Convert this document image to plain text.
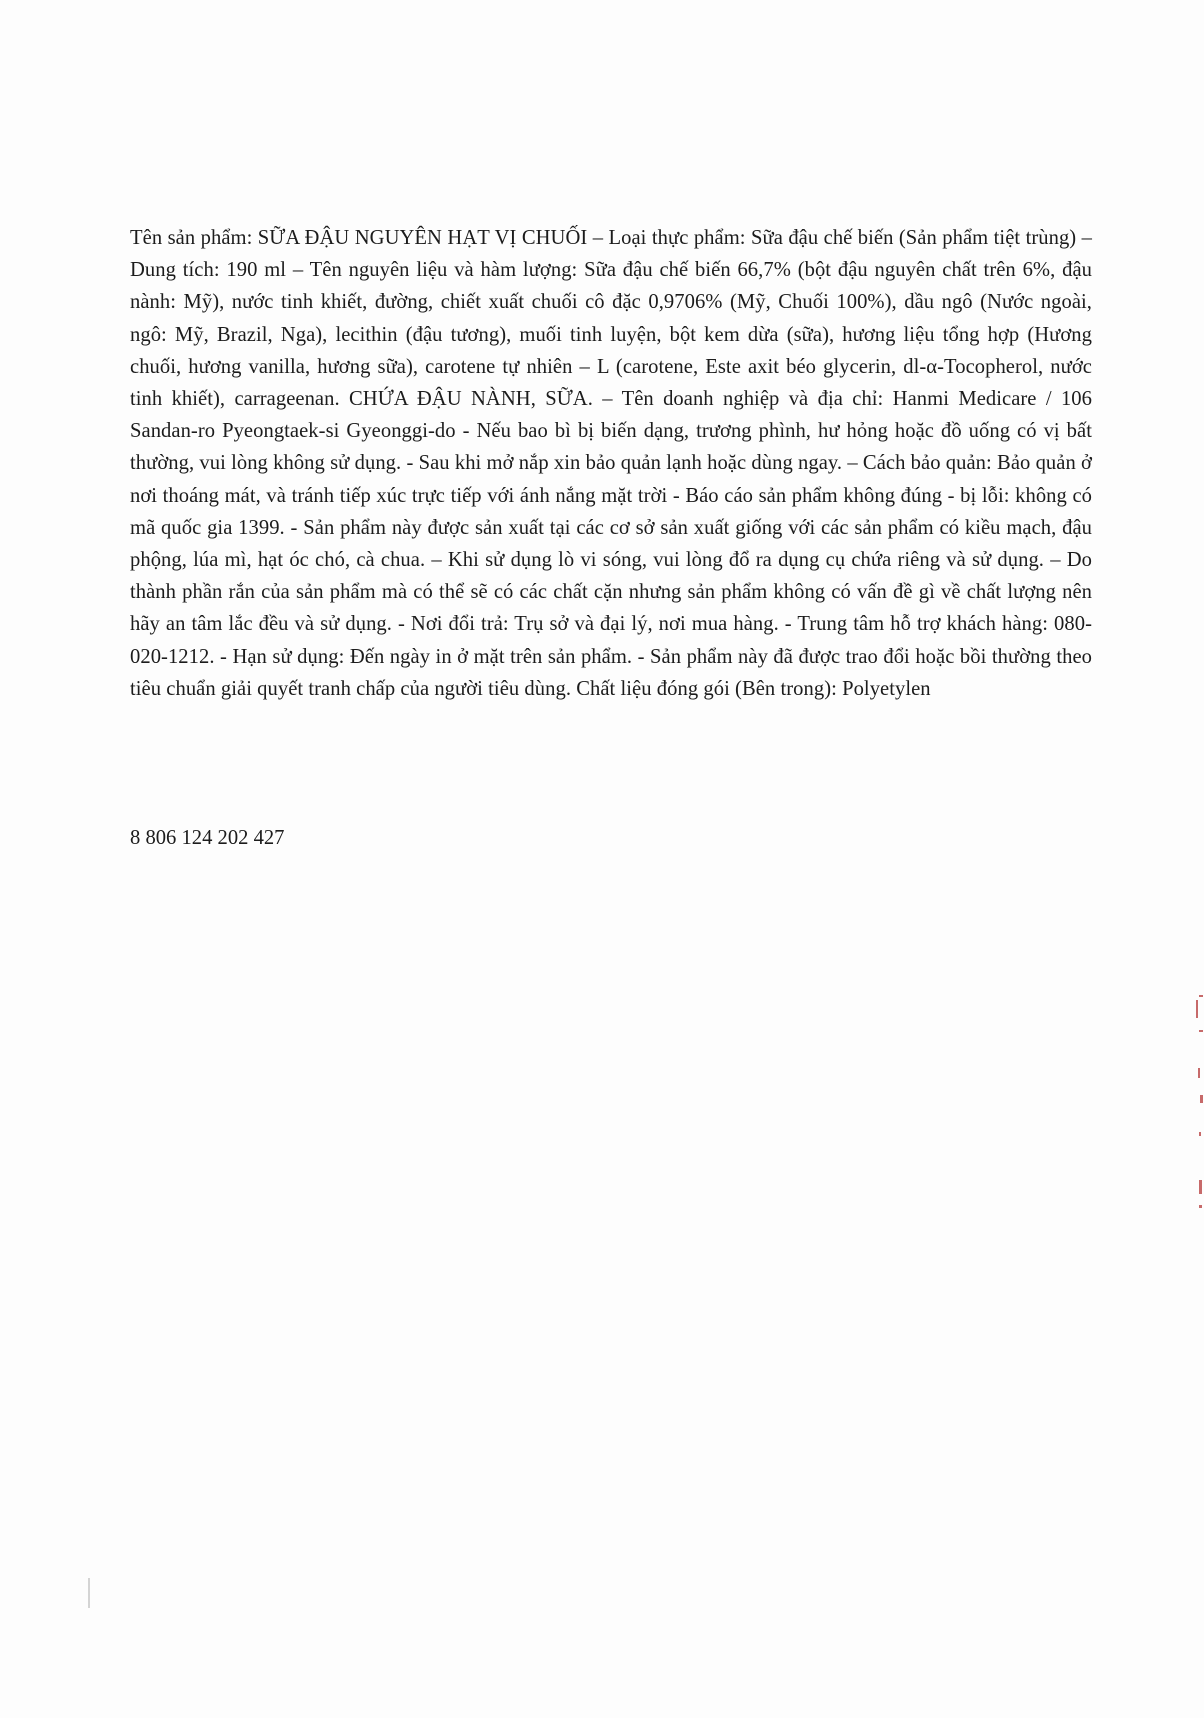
Tên sản phẩm: SỮA ĐẬU NGUYÊN HẠT VỊ CHUỐI – Loại thực phẩm: Sữa đậu chế biến (Sản phẩm tiệt trùng) – Dung tích: 190 ml – Tên nguyên liệu và hàm lượng: Sữa đậu chế biến 66,7% (bột đậu nguyên chất trên 6%, đậu nành: Mỹ), nước tinh khiết, đường, chiết xuất chuối cô đặc 0,9706% (Mỹ, Chuối 100%), dầu ngô (Nước ngoài, ngô: Mỹ, Brazil, Nga), lecithin (đậu tương), muối tinh luyện, bột kem dừa (sữa), hương liệu tổng hợp (Hương chuối, hương vanilla, hương sữa), carotene tự nhiên – L (carotene, Este axit béo glycerin, dl-α-Tocopherol, nước tinh khiết), carrageenan. CHỨA ĐẬU NÀNH, SỮA. – Tên doanh nghiệp và địa chỉ: Hanmi Medicare / 106 Sandan-ro Pyeongtaek-si Gyeonggi-do - Nếu bao bì bị biến dạng, trương phình, hư hỏng hoặc đồ uống có vị bất thường, vui lòng không sử dụng. - Sau khi mở nắp xin bảo quản lạnh hoặc dùng ngay. – Cách bảo quản: Bảo quản ở nơi thoáng mát, và tránh tiếp xúc trực tiếp với ánh nắng mặt trời - Báo cáo sản phẩm không đúng - bị lỗi: không có mã quốc gia 1399. - Sản phẩm này được sản xuất tại các cơ sở sản xuất giống với các sản phẩm có kiều mạch, đậu phộng, lúa mì, hạt óc chó, cà chua. – Khi sử dụng lò vi sóng, vui lòng đổ ra dụng cụ chứa riêng và sử dụng. – Do thành phần rắn của sản phẩm mà có thể sẽ có các chất cặn nhưng sản phẩm không có vấn đề gì về chất lượng nên hãy an tâm lắc đều và sử dụng. - Nơi đổi trả: Trụ sở và đại lý, nơi mua hàng. - Trung tâm hỗ trợ khách hàng: 080-020-1212. - Hạn sử dụng: Đến ngày in ở mặt trên sản phẩm. - Sản phẩm này đã được trao đổi hoặc bồi thường theo tiêu chuẩn giải quyết tranh chấp của người tiêu dùng. Chất liệu đóng gói (Bên trong): Polyetylen

8 806 124 202 427
